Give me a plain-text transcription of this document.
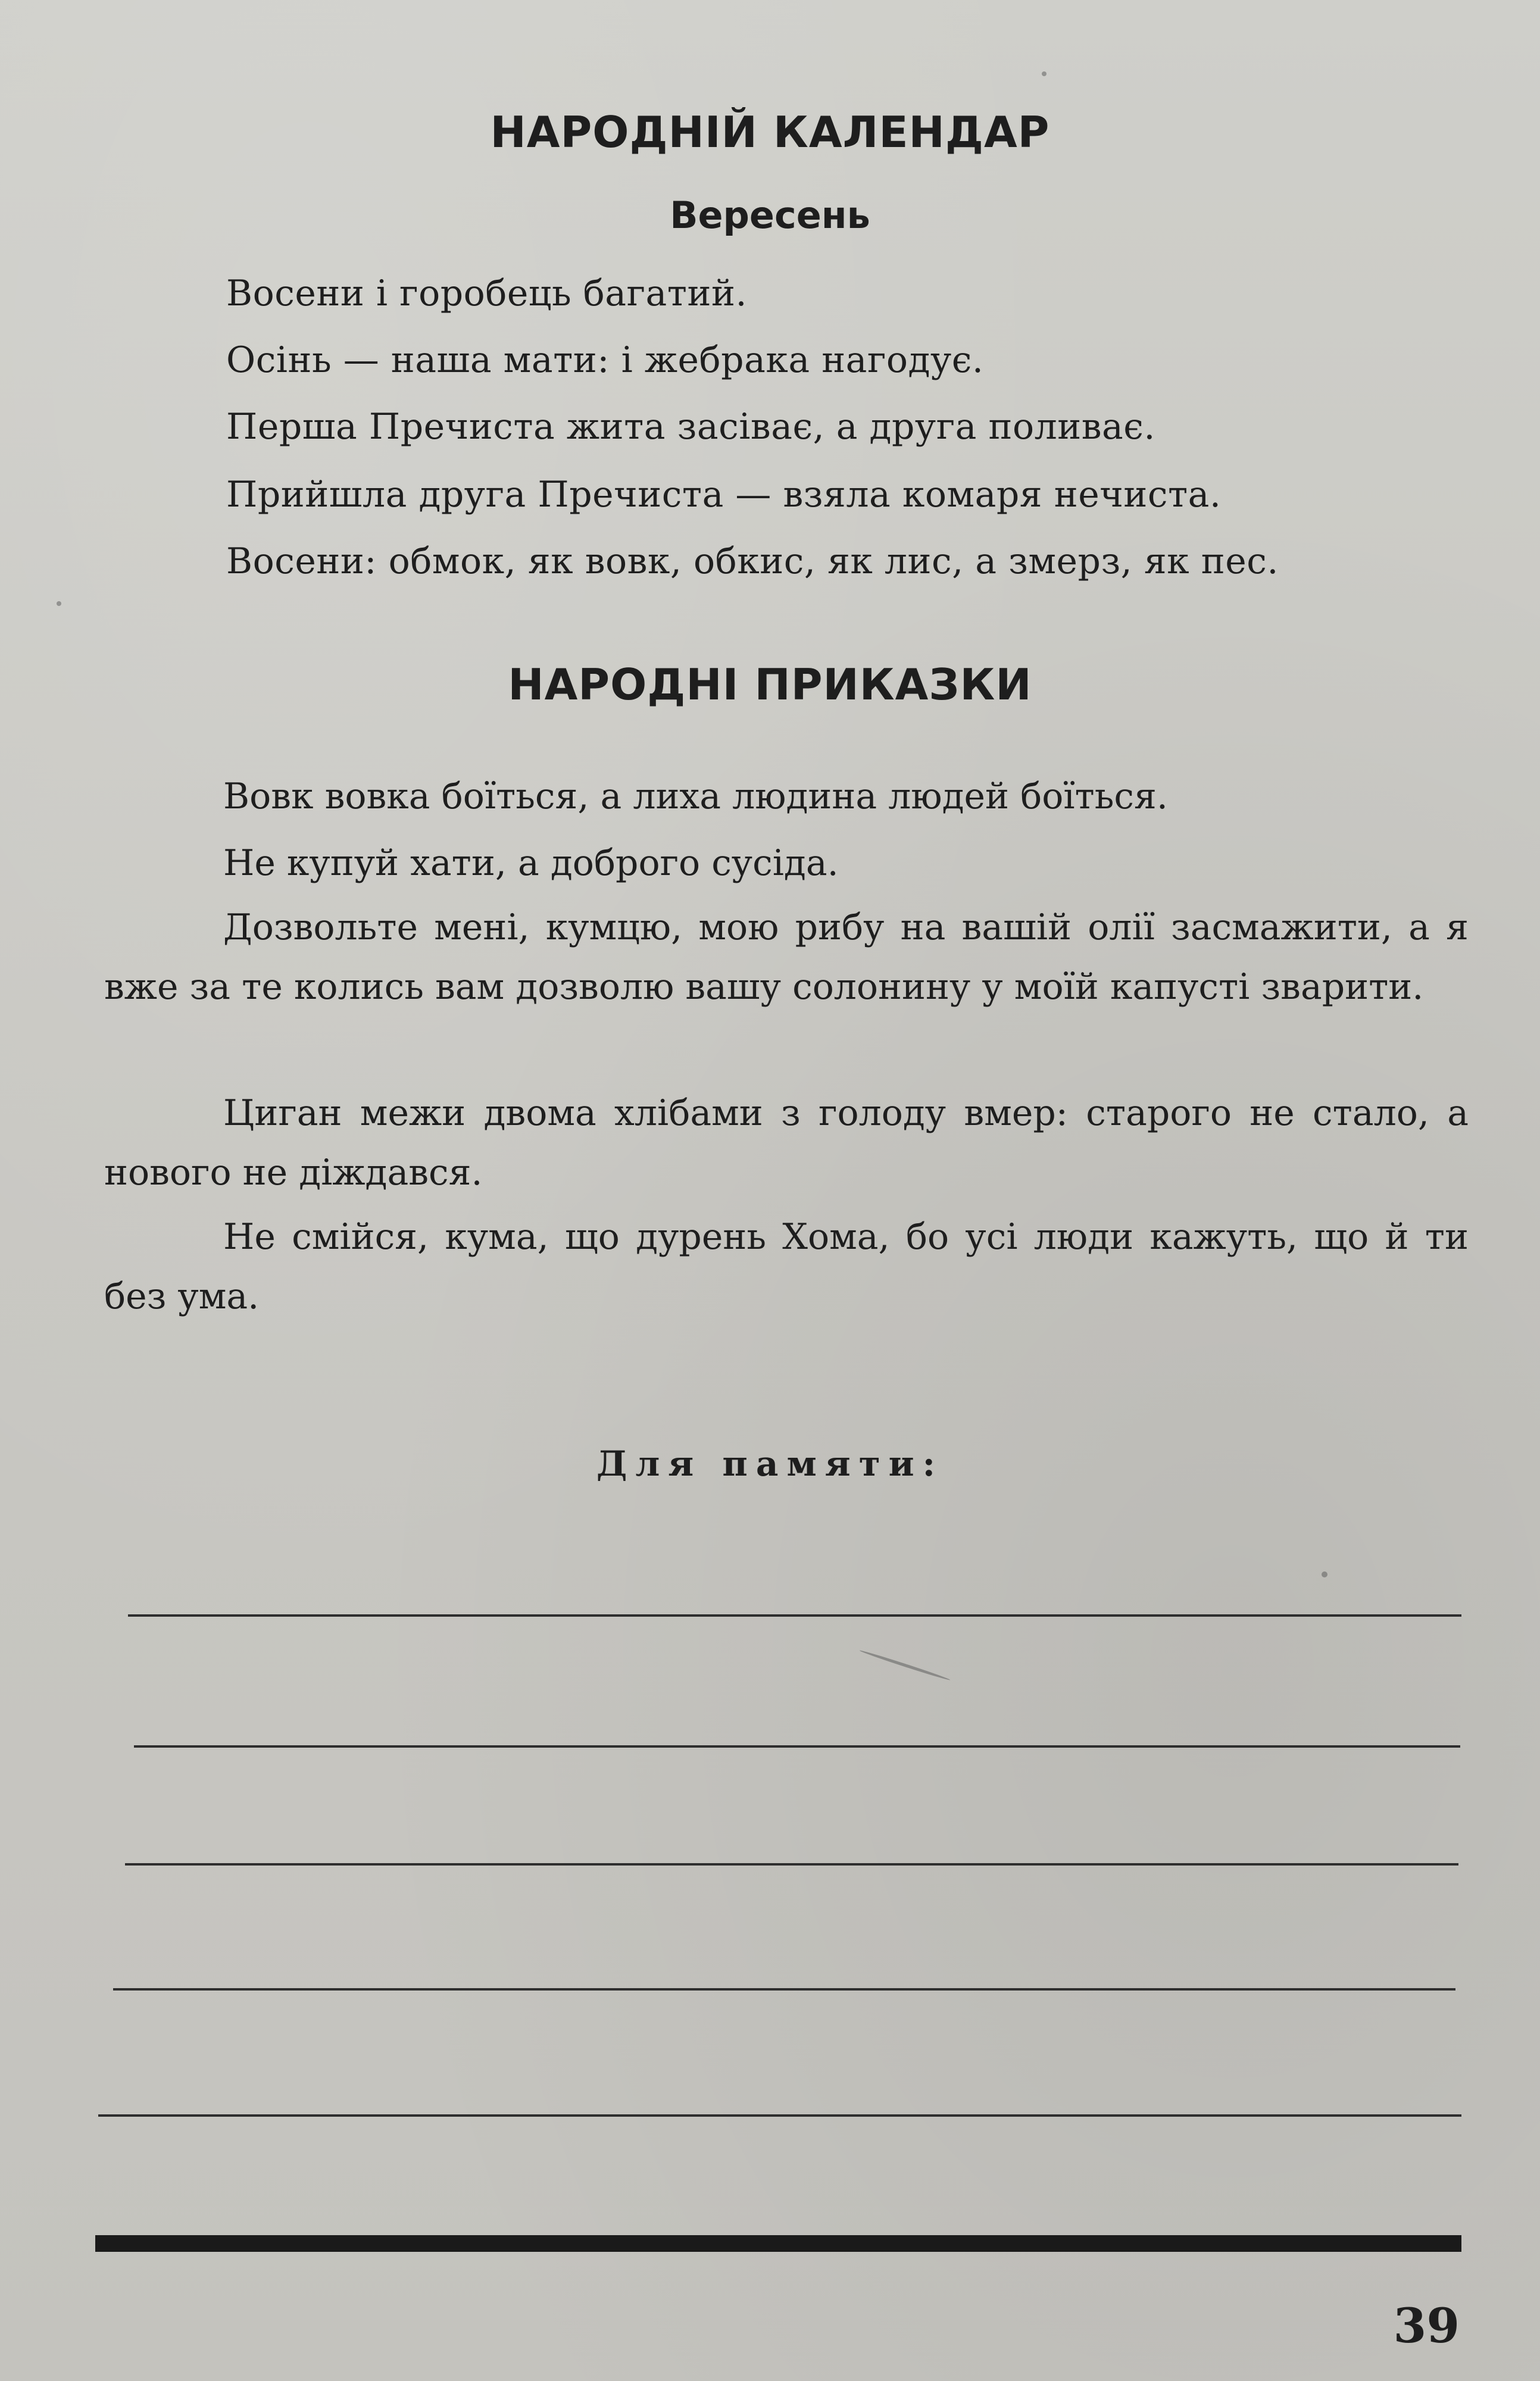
НАРОДНІЙ КАЛЕНДАР
Вересень

Восени і горобець багатий.

Осінь — наша мати: і жебрака нагодує.

Перша Пречиста жита засіває, а друга поливає.

Прийшла друга Пречиста — взяла комаря нечиста.

Восени: обмок, як вовк, обкис, як лис, а змерз, як пес.

НАРОДНІ ПРИКАЗКИ

Вовк вовка боїться, а лиха людина людей боїться.

Не купуй хати, а доброго сусіда.

Дозвольте мені, кумцю, мою рибу на вашій олії засмажити, а я вже за те колись вам дозволю вашу солонину у моїй капусті зварити.

Циган межи двома хлібами з голоду вмер: старого не стало, а нового не діждався.

Не смійся, кума, що дурень Хома, бо усі люди кажуть, що й ти без ума.

Для памяти:

39
